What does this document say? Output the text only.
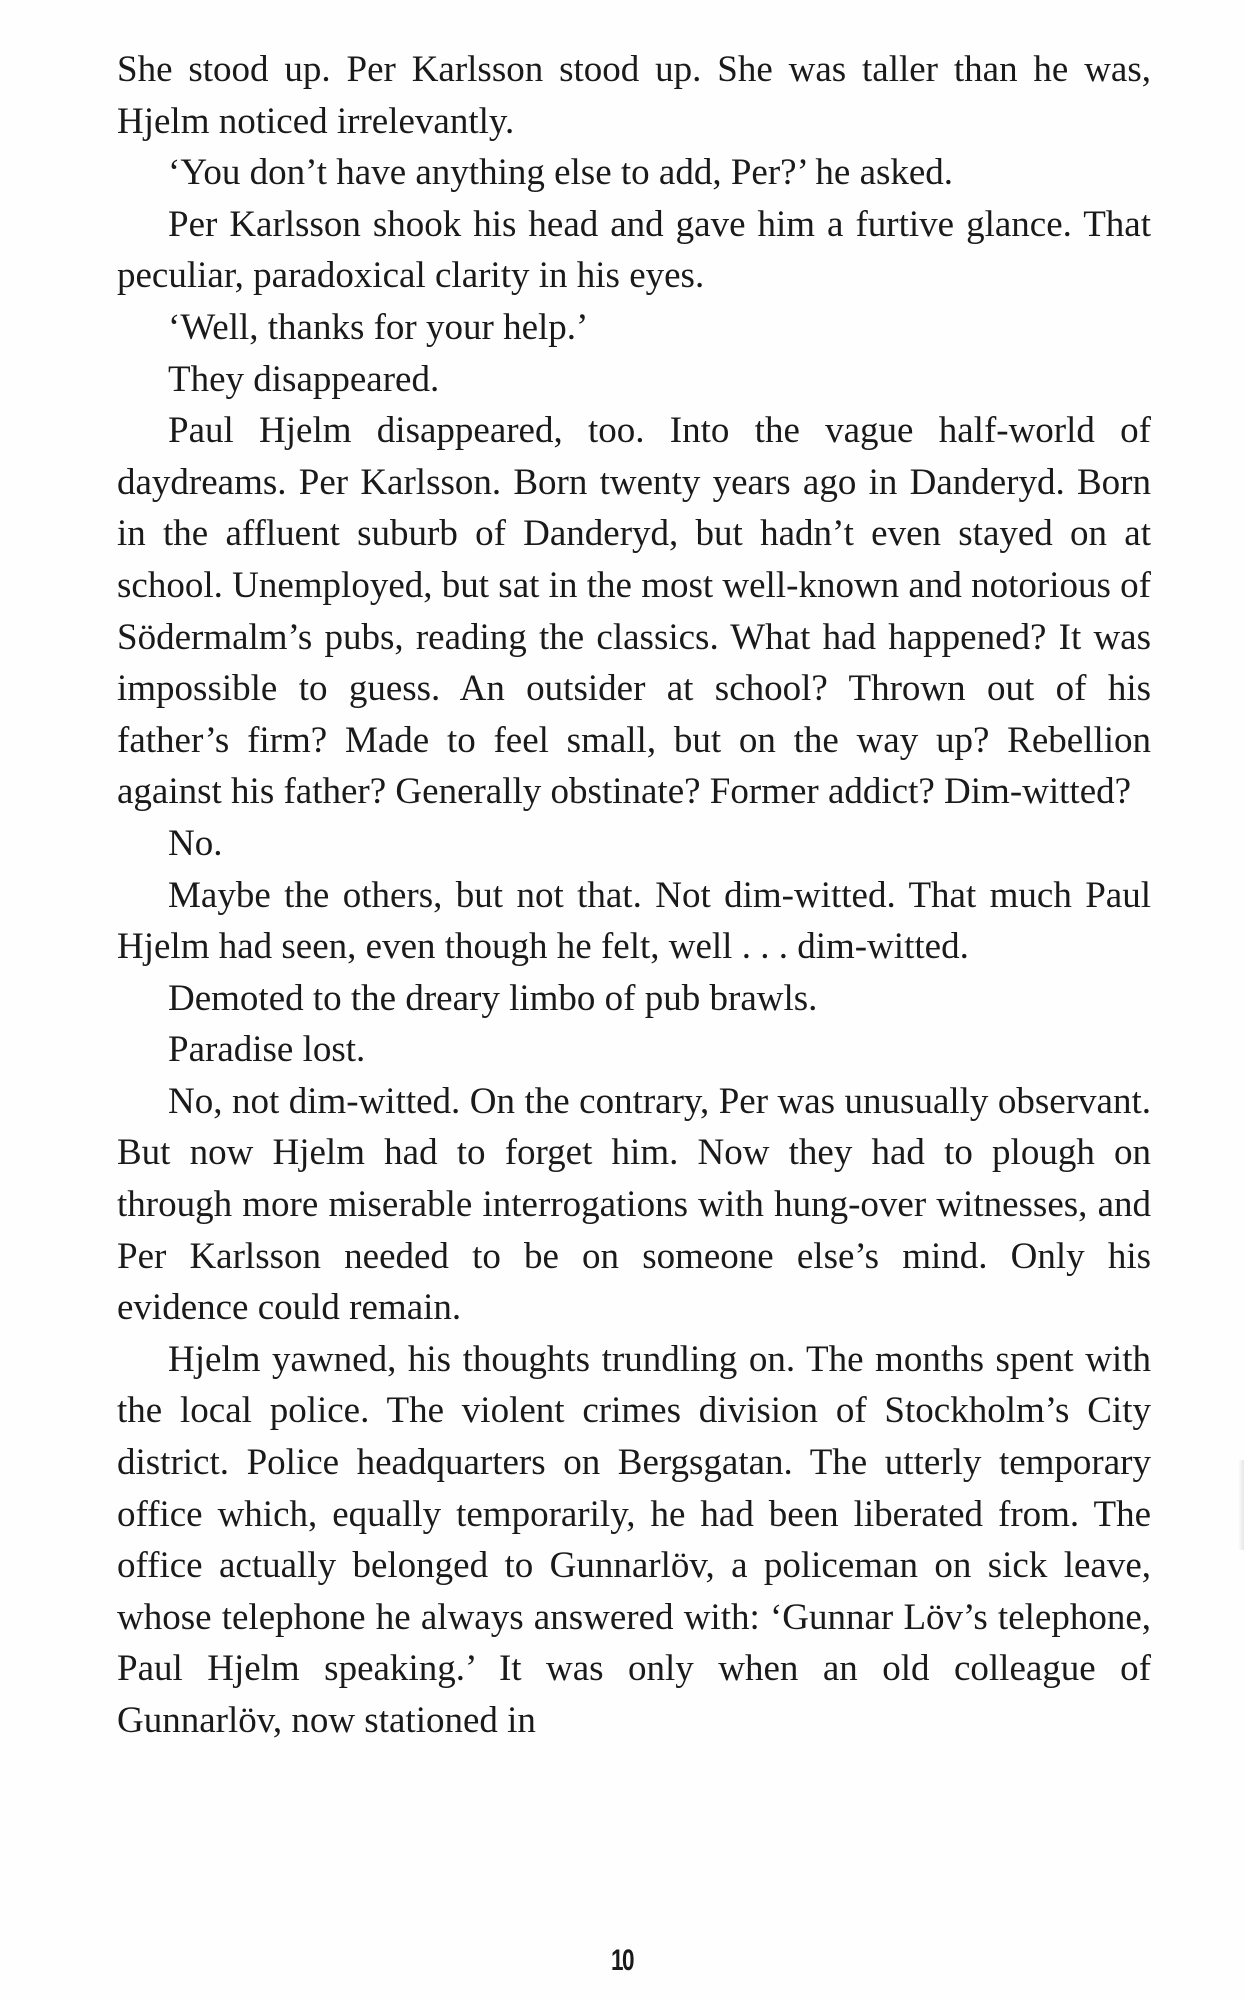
She stood up. Per Karlsson stood up. She was taller than he was, Hjelm noticed irrelevantly.

‘You don’t have anything else to add, Per?’ he asked.

Per Karlsson shook his head and gave him a furtive glance. That peculiar, paradoxical clarity in his eyes.

‘Well, thanks for your help.’

They disappeared.

Paul Hjelm disappeared, too. Into the vague half-world of daydreams. Per Karlsson. Born twenty years ago in Danderyd. Born in the affluent suburb of Danderyd, but hadn’t even stayed on at school. Unemployed, but sat in the most well-known and notorious of Södermalm’s pubs, reading the classics. What had happened? It was impossible to guess. An outsider at school? Thrown out of his father’s firm? Made to feel small, but on the way up? Rebellion against his father? Generally obstinate? Former addict? Dim-witted?

No.

Maybe the others, but not that. Not dim-witted. That much Paul Hjelm had seen, even though he felt, well . . . dim-witted.

Demoted to the dreary limbo of pub brawls.

Paradise lost.

No, not dim-witted. On the contrary, Per was unusually observant. But now Hjelm had to forget him. Now they had to plough on through more miserable interrogations with hung-over witnesses, and Per Karlsson needed to be on someone else’s mind. Only his evidence could remain.

Hjelm yawned, his thoughts trundling on. The months spent with the local police. The violent crimes division of Stockholm’s City district. Police headquarters on Bergsgatan. The utterly temporary office which, equally temporarily, he had been liberated from. The office actually belonged to Gunnarlöv, a policeman on sick leave, whose telephone he always answered with: ‘Gunnar Löv’s telephone, Paul Hjelm speaking.’ It was only when an old colleague of Gunnarlöv, now stationed in

10
